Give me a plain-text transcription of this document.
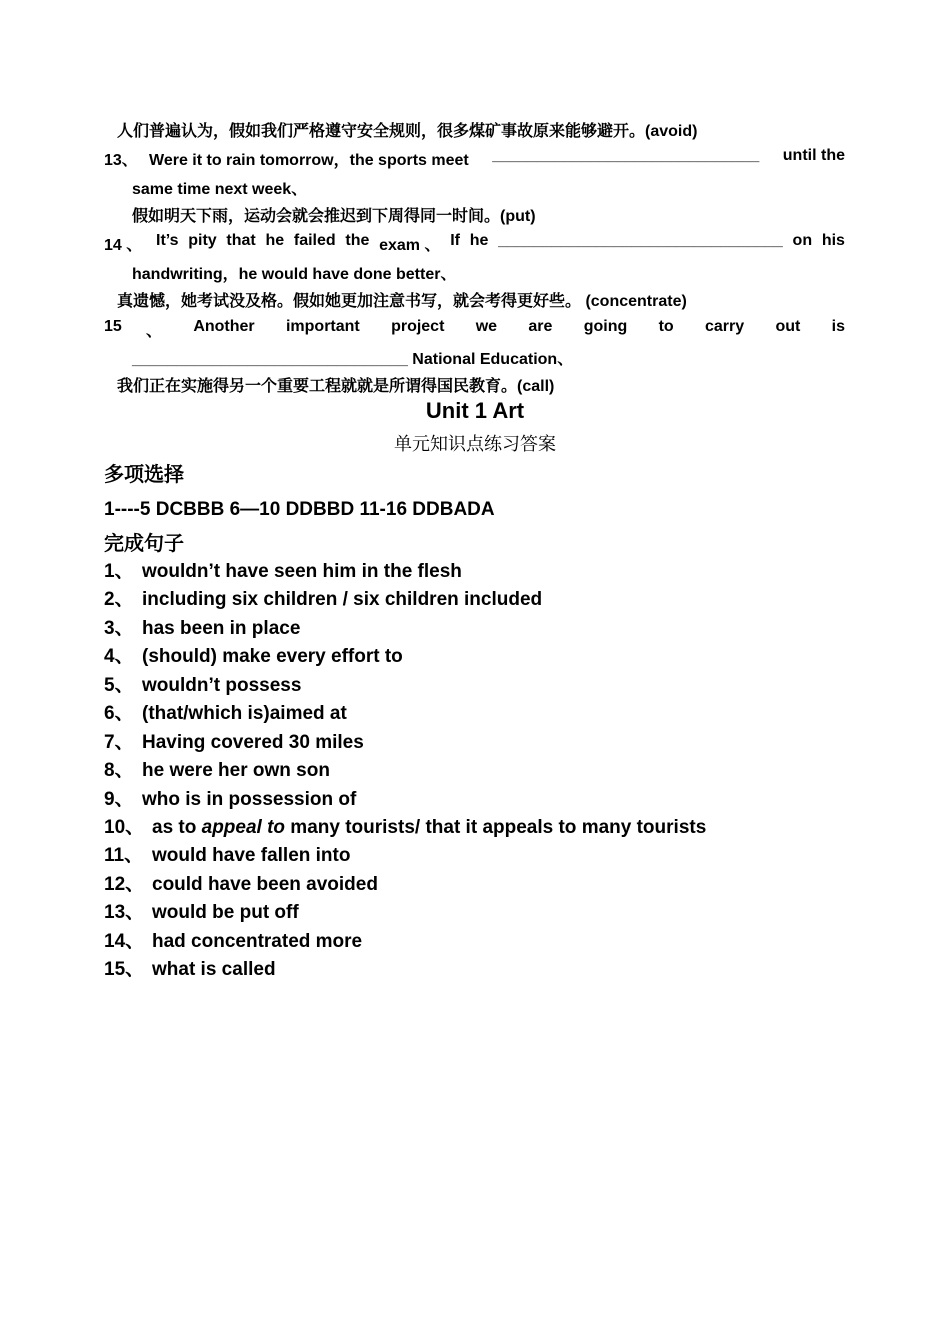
人们普遍认为，假如我们严格遵守安全规则，很多煤矿事故原来能够避开。(avoid)
13、 Were it to rain tomorrow，the sports meet ______________________________ until the
same time next week、
假如明天下雨，运动会就会推迟到下周得同一时间。(put)
14 、 It’s pity that he failed the exam 、 If he ________________________________ on his
handwriting，he would have done better、
真遗憾，她考试没及格。假如她更加注意书写，就会考得更好些。 (concentrate)
15 、 Another important project we are going to carry out is
_______________________________ National Education、
我们正在实施得另一个重要工程就就是所谓得国民教育。(call)
Unit 1 Art
单元知识点练习答案
多项选择
1----5 DCBBB 6—10 DDBBD 11-16 DDBADA
完成句子
1、 wouldn’t have seen him in the flesh
2、 including six children / six children included
3、 has been in place
4、 (should) make every effort to
5、 wouldn’t possess
6、 (that/which is)aimed at
7、 Having covered 30 miles
8、 he were her own son
9、 who is in possession of
10、 as to appeal to many tourists/ that it appeals to many tourists
11、 would have fallen into
12、 could have been avoided
13、 would be put off
14、 had concentrated more
15、 what is called
